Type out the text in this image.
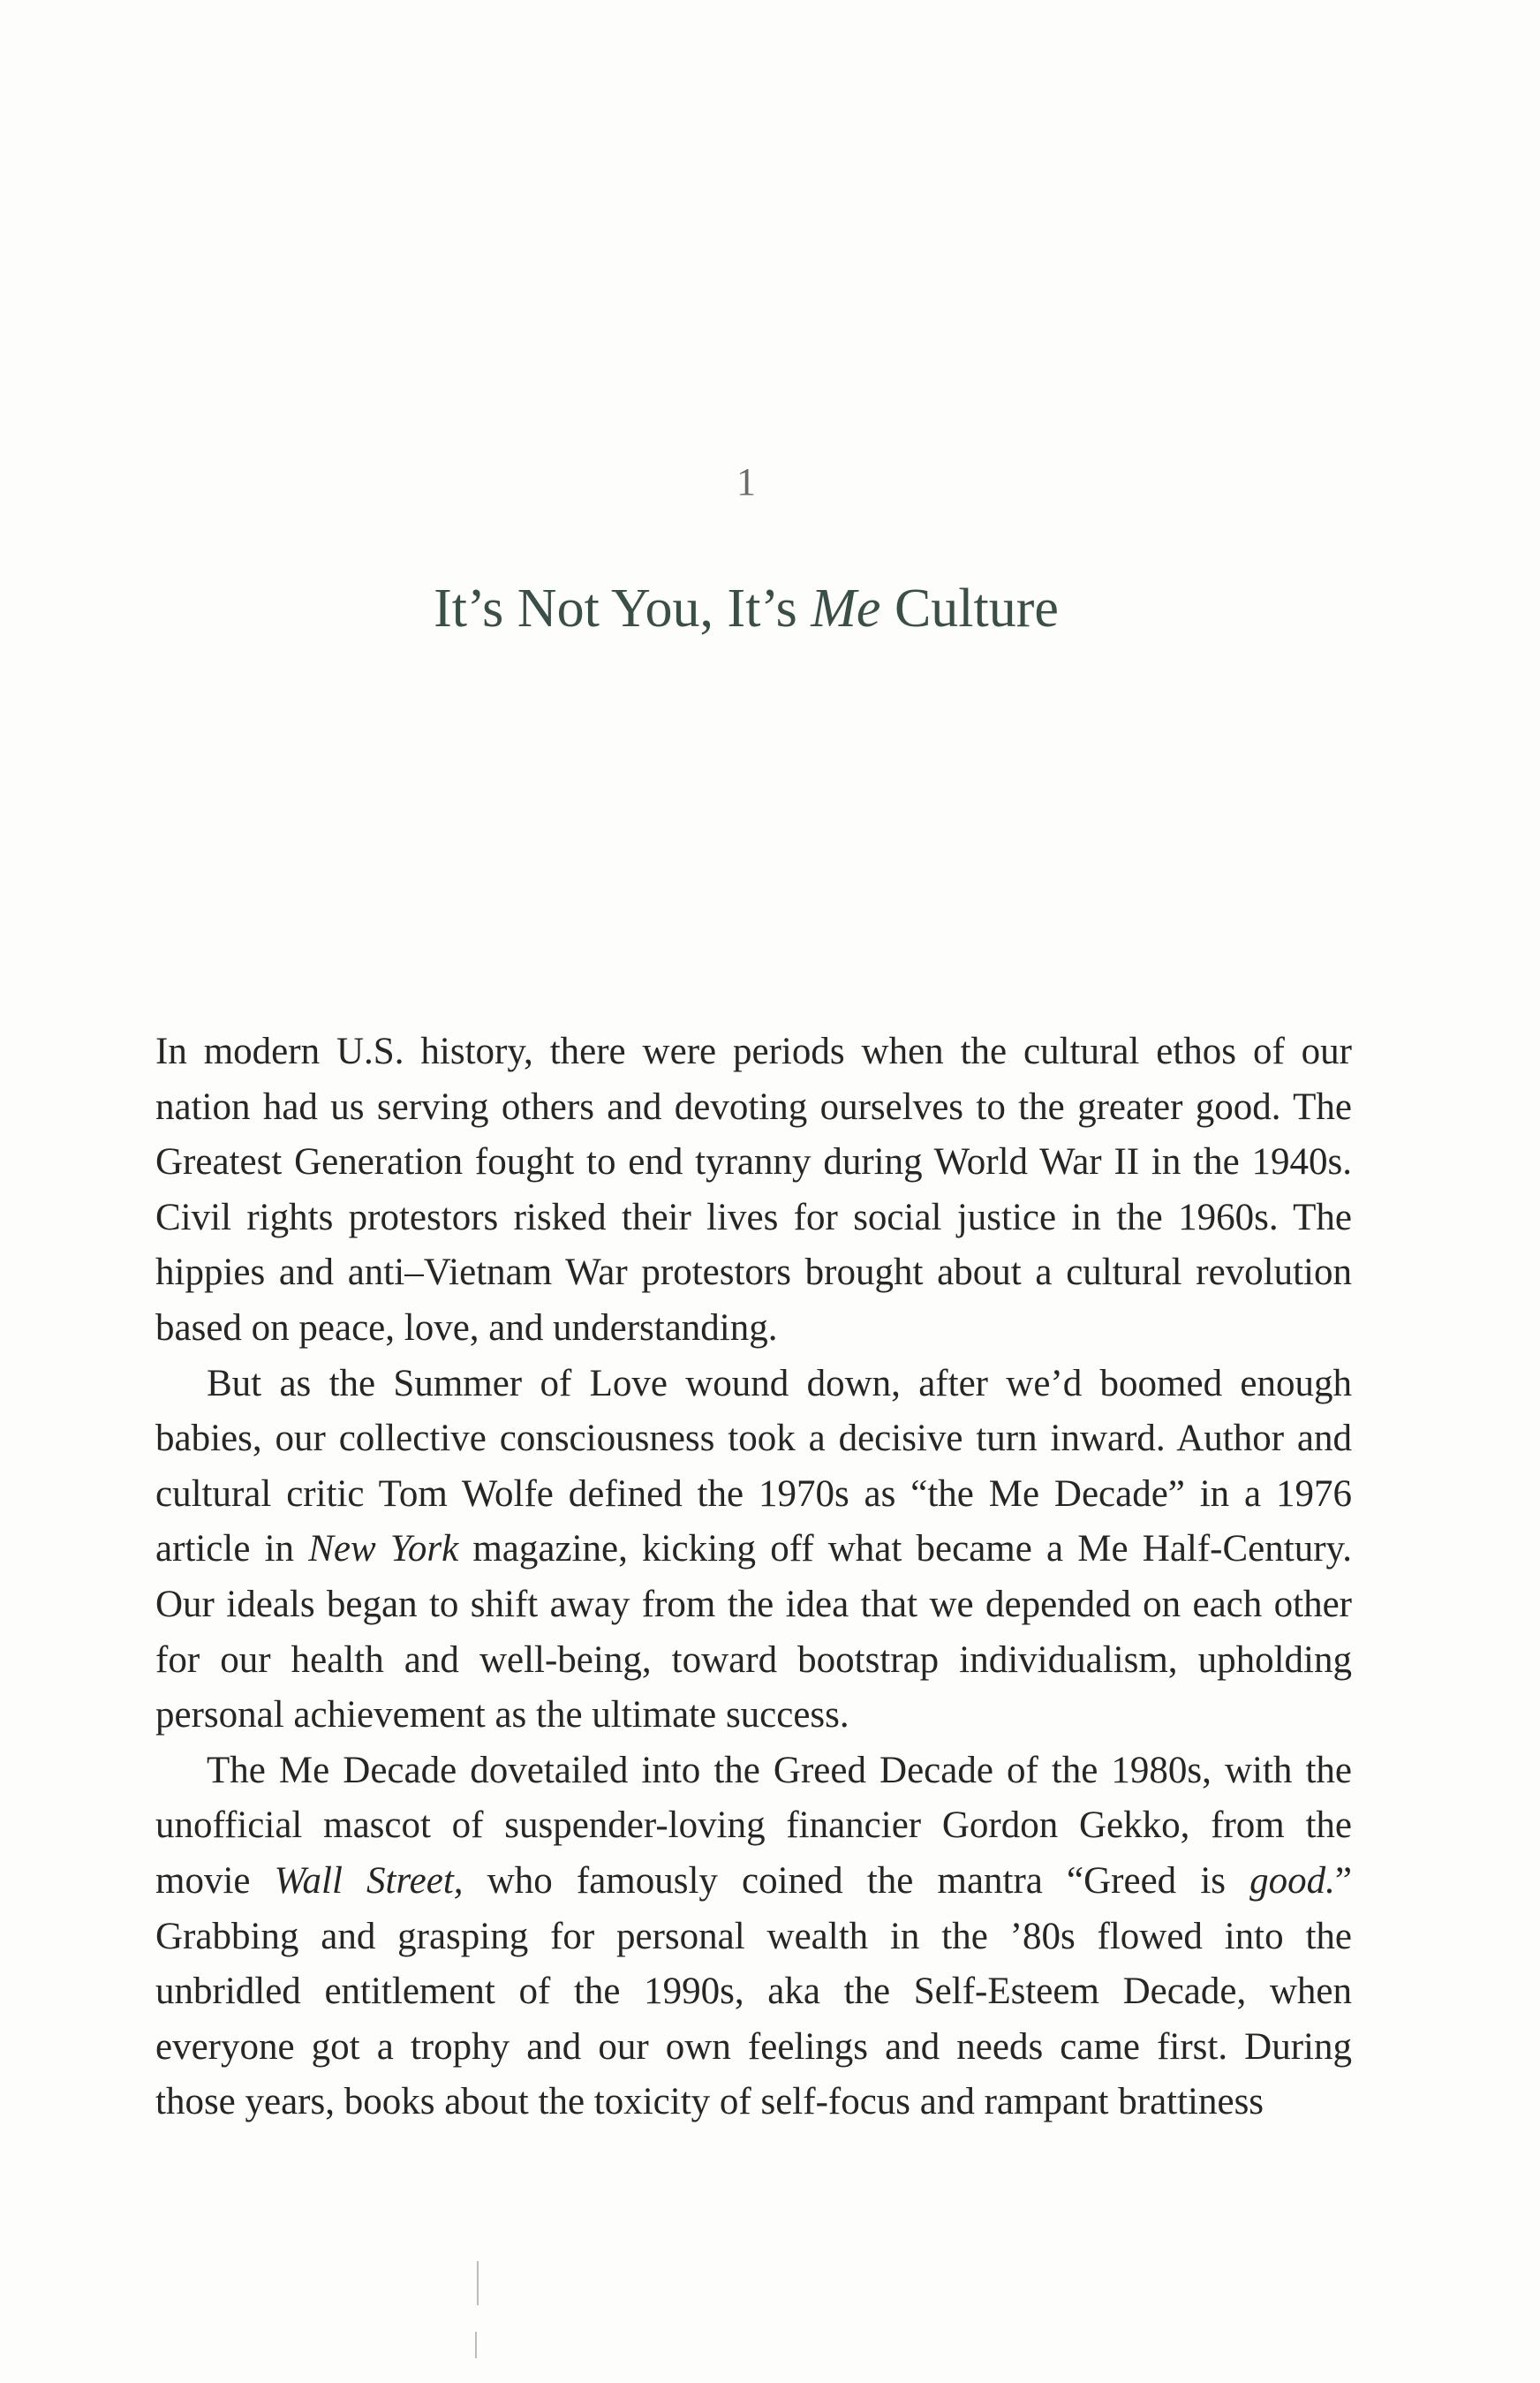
1
It’s Not You, It’s Me Culture

In modern U.S. history, there were periods when the cultural ethos of our nation had us serving others and devoting ourselves to the greater good. The Greatest Generation fought to end tyranny during World War II in the 1940s. Civil rights protestors risked their lives for social justice in the 1960s. The hippies and anti–Vietnam War protestors brought about a cultural revolution based on peace, love, and understanding.

But as the Summer of Love wound down, after we’d boomed enough babies, our collective consciousness took a decisive turn inward. Author and cultural critic Tom Wolfe defined the 1970s as “the Me Decade” in a 1976 article in New York magazine, kicking off what became a Me Half-Century. Our ideals began to shift away from the idea that we depended on each other for our health and well-being, toward bootstrap individualism, upholding personal achievement as the ultimate success.

The Me Decade dovetailed into the Greed Decade of the 1980s, with the unofficial mascot of suspender-loving financier Gordon Gekko, from the movie Wall Street, who famously coined the mantra “Greed is good.” Grabbing and grasping for personal wealth in the ’80s flowed into the unbridled entitlement of the 1990s, aka the Self-Esteem Decade, when everyone got a trophy and our own feelings and needs came first. During those years, books about the toxicity of self-focus and rampant brattiness
